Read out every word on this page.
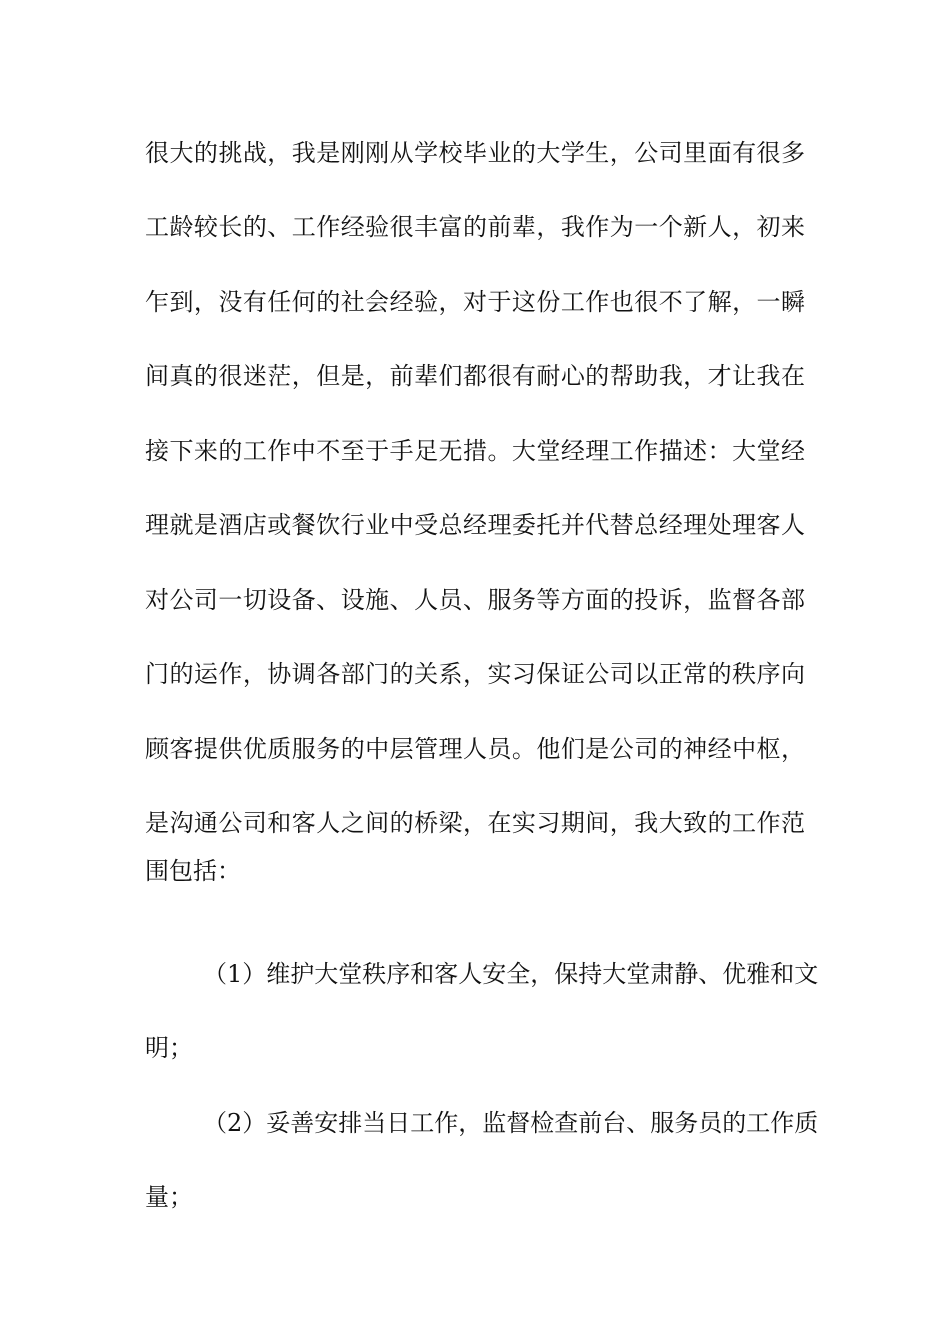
很大的挑战，我是刚刚从学校毕业的大学生，公司里面有很多
工龄较长的、工作经验很丰富的前辈，我作为一个新人，初来
乍到，没有任何的社会经验，对于这份工作也很不了解，一瞬
间真的很迷茫，但是，前辈们都很有耐心的帮助我，才让我在
接下来的工作中不至于手足无措。大堂经理工作描述：大堂经
理就是酒店或餐饮行业中受总经理委托并代替总经理处理客人
对公司一切设备、设施、人员、服务等方面的投诉，监督各部
门的运作，协调各部门的关系，实习保证公司以正常的秩序向
顾客提供优质服务的中层管理人员。他们是公司的神经中枢，
是沟通公司和客人之间的桥梁，在实习期间，我大致的工作范
围包括：
（1）维护大堂秩序和客人安全，保持大堂肃静、优雅和文
明；
（2）妥善安排当日工作，监督检查前台、服务员的工作质
量；
